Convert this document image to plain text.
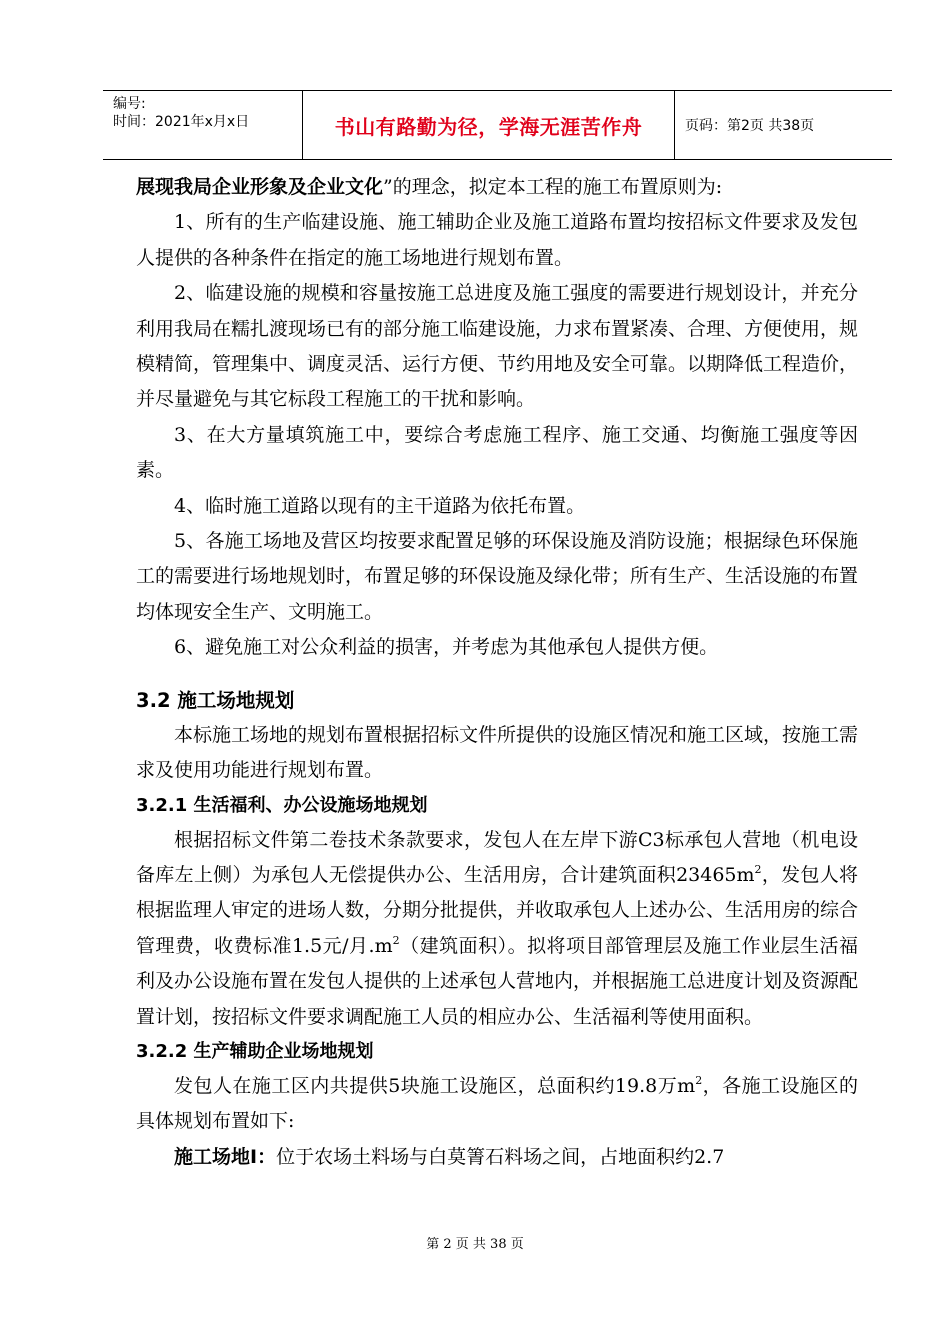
编号:
时间：2021年x月x日	书山有路勤为径，学海无涯苦作舟	页码：第2页 共38页

展现我局企业形象及企业文化”的理念，拟定本工程的施工布置原则为:

1、所有的生产临建设施、施工辅助企业及施工道路布置均按招标文件要求及发包人提供的各种条件在指定的施工场地进行规划布置。

2、临建设施的规模和容量按施工总进度及施工强度的需要进行规划设计，并充分利用我局在糯扎渡现场已有的部分施工临建设施，力求布置紧凑、合理、方便使用，规模精简，管理集中、调度灵活、运行方便、节约用地及安全可靠。以期降低工程造价，并尽量避免与其它标段工程施工的干扰和影响。

3、在大方量填筑施工中，要综合考虑施工程序、施工交通、均衡施工强度等因素。

4、临时施工道路以现有的主干道路为依托布置。

5、各施工场地及营区均按要求配置足够的环保设施及消防设施；根据绿色环保施工的需要进行场地规划时，布置足够的环保设施及绿化带；所有生产、生活设施的布置均体现安全生产、文明施工。

6、避免施工对公众利益的损害，并考虑为其他承包人提供方便。

3.2 施工场地规划

本标施工场地的规划布置根据招标文件所提供的设施区情况和施工区域，按施工需求及使用功能进行规划布置。

3.2.1 生活福利、办公设施场地规划

根据招标文件第二卷技术条款要求，发包人在左岸下游C3标承包人营地（机电设备库左上侧）为承包人无偿提供办公、生活用房，合计建筑面积$23465m^2$，发包人将根据监理人审定的进场人数，分期分批提供，并收取承包人上述办公、生活用房的综合管理费，收费标准1.5元/月$.m^2$（建筑面积）。拟将项目部管理层及施工作业层生活福利及办公设施布置在发包人提供的上述承包人营地内，并根据施工总进度计划及资源配置计划，按招标文件要求调配施工人员的相应办公、生活福利等使用面积。

3.2.2 生产辅助企业场地规划

发包人在施工区内共提供5块施工设施区，总面积约19.8万$m^2$，各施工设施区的具体规划布置如下:

施工场地Ⅰ：位于农场土料场与白莫箐石料场之间，占地面积约2.7

第 2 页 共 38 页
